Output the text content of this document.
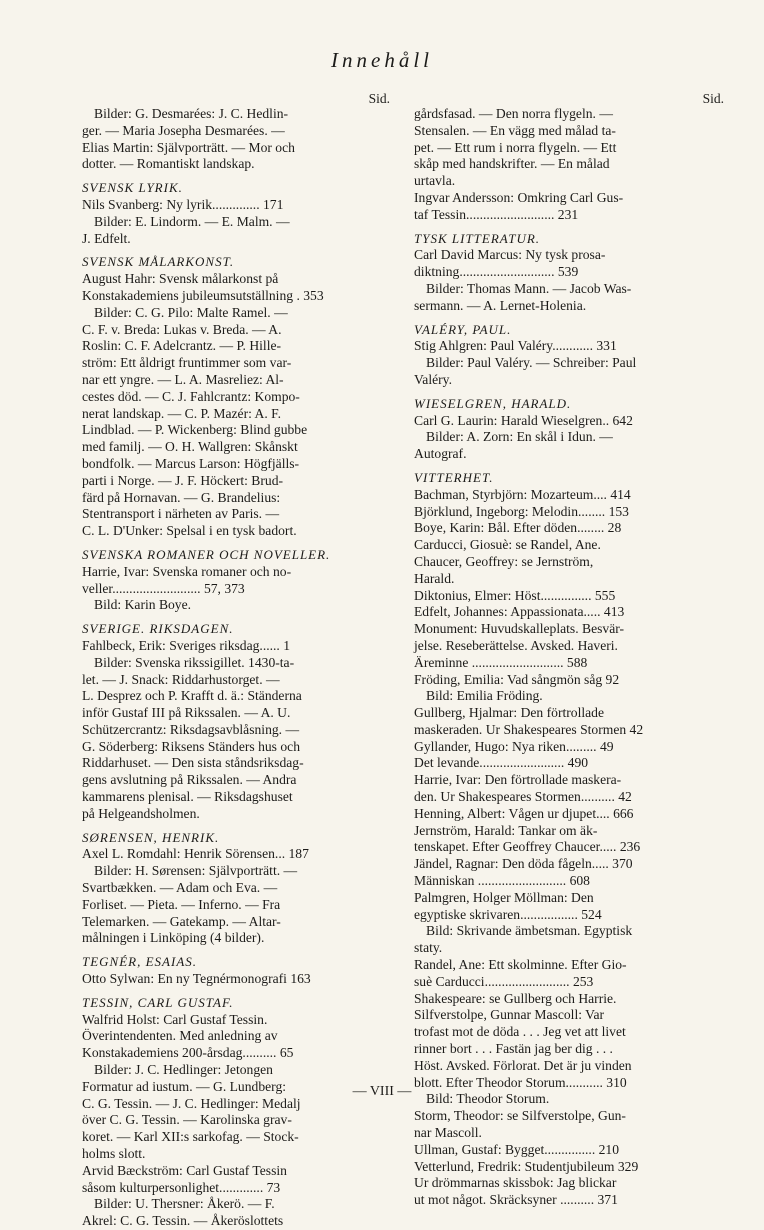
Innehåll
Sid.
Bilder: G. Desmarées: J. C. Hedlin-
ger. — Maria Josepha Desmarées. —
Elias Martin: Självporträtt. — Mor och
dotter. — Romantiskt landskap.
SVENSK LYRIK.
Nils Svanberg: Ny lyrik.............. 171
Bilder: E. Lindorm. — E. Malm. —
J. Edfelt.
SVENSK MÅLARKONST.
August Hahr: Svensk målarkonst på
Konstakademiens jubileumsutställning . 353
Bilder: C. G. Pilo: Malte Ramel. —
C. F. v. Breda: Lukas v. Breda. — A.
Roslin: C. F. Adelcrantz. — P. Hille-
ström: Ett åldrigt fruntimmer som var-
nar ett yngre. — L. A. Masreliez: Al-
cestes död. — C. J. Fahlcrantz: Kompo-
nerat landskap. — C. P. Mazér: A. F.
Lindblad. — P. Wickenberg: Blind gubbe
med familj. — O. H. Wallgren: Skånskt
bondfolk. — Marcus Larson: Högfjälls-
parti i Norge. — J. F. Höckert: Brud-
färd på Hornavan. — G. Brandelius:
Stentransport i närheten av Paris. —
C. L. D'Unker: Spelsal i en tysk badort.
SVENSKA ROMANER OCH NOVELLER.
Harrie, Ivar: Svenska romaner och no-
veller.......................... 57, 373
Bild: Karin Boye.
SVERIGE. RIKSDAGEN.
Fahlbeck, Erik: Sveriges riksdag...... 1
Bilder: Svenska rikssigillet. 1430-ta-
let. — J. Snack: Riddarhustorget. —
L. Desprez och P. Krafft d. ä.: Ständerna
inför Gustaf III på Rikssalen. — A. U.
Schützercrantz: Riksdagsavblåsning. —
G. Söderberg: Riksens Ständers hus och
Riddarhuset. — Den sista ståndsriksdag-
gens avslutning på Rikssalen. — Andra
kammarens plenisal. — Riksdagshuset
på Helgeandsholmen.
SØRENSEN, HENRIK.
Axel L. Romdahl: Henrik Sörensen... 187
Bilder: H. Sørensen: Självporträtt. —
Svartbækken. — Adam och Eva. —
Forliset. — Pieta. — Inferno. — Fra
Telemarken. — Gatekamp. — Altar-
målningen i Linköping (4 bilder).
TEGNÉR, ESAIAS.
Otto Sylwan: En ny Tegnérmonografi 163
TESSIN, CARL GUSTAF.
Walfrid Holst: Carl Gustaf Tessin.
Överintendenten. Med anledning av
Konstakademiens 200-årsdag.......... 65
Bilder: J. C. Hedlinger: Jetongen
Formatur ad iustum. — G. Lundberg:
C. G. Tessin. — J. C. Hedlinger: Medalj
över C. G. Tessin. — Karolinska grav-
koret. — Karl XII:s sarkofag. — Stock-
holms slott.
Arvid Bæckström: Carl Gustaf Tessin
såsom kulturpersonlighet............. 73
Bilder: U. Thersner: Åkerö. — F.
Akrel: C. G. Tessin. — Åkeröslottets
Sid.
gårdsfasad. — Den norra flygeln. —
Stensalen. — En vägg med målad ta-
pet. — Ett rum i norra flygeln. — Ett
skåp med handskrifter. — En målad
urtavla.
Ingvar Andersson: Omkring Carl Gus-
taf Tessin.......................... 231
TYSK LITTERATUR.
Carl David Marcus: Ny tysk prosa-
diktning............................ 539
Bilder: Thomas Mann. — Jacob Was-
sermann. — A. Lernet-Holenia.
VALÉRY, PAUL.
Stig Ahlgren: Paul Valéry............ 331
Bilder: Paul Valéry. — Schreiber: Paul
Valéry.
WIESELGREN, HARALD.
Carl G. Laurin: Harald Wieselgren.. 642
Bilder: A. Zorn: En skål i Idun. —
Autograf.
VITTERHET.
Bachman, Styrbjörn: Mozarteum.... 414
Björklund, Ingeborg: Melodin........ 153
Boye, Karin: Bål. Efter döden........ 28
Carducci, Giosuè: se Randel, Ane.
Chaucer, Geoffrey: se Jernström,
Harald.
Diktonius, Elmer: Höst............... 555
Edfelt, Johannes: Appassionata..... 413
Monument: Huvudskalleplats. Besvär-
jelse. Reseberättelse. Avsked. Haveri.
Äreminne ........................... 588
Fröding, Emilia: Vad sångmön såg 92
Bild: Emilia Fröding.
Gullberg, Hjalmar: Den förtrollade
maskeraden. Ur Shakespeares Stormen 42
Gyllander, Hugo: Nya riken......... 49
Det levande......................... 490
Harrie, Ivar: Den förtrollade maskera-
den. Ur Shakespeares Stormen.......... 42
Henning, Albert: Vågen ur djupet.... 666
Jernström, Harald: Tankar om äk-
tenskapet. Efter Geoffrey Chaucer..... 236
Jändel, Ragnar: Den döda fågeln..... 370
Människan .......................... 608
Palmgren, Holger Möllman: Den
egyptiske skrivaren................. 524
Bild: Skrivande ämbetsman. Egyptisk
staty.
Randel, Ane: Ett skolminne. Efter Gio-
suè Carducci......................... 253
Shakespeare: se Gullberg och Harrie.
Silfverstolpe, Gunnar Mascoll: Var
trofast mot de döda . . . Jeg vet att livet
rinner bort . . . Fastän jag ber dig . . .
Höst. Avsked. Förlorat. Det är ju vinden
blott. Efter Theodor Storum........... 310
Bild: Theodor Storum.
Storm, Theodor: se Silfverstolpe, Gun-
nar Mascoll.
Ullman, Gustaf: Bygget............... 210
Vetterlund, Fredrik: Studentjubileum 329
Ur drömmarnas skissbok: Jag blickar
ut mot något. Skräcksyner .......... 371
— VIII —
